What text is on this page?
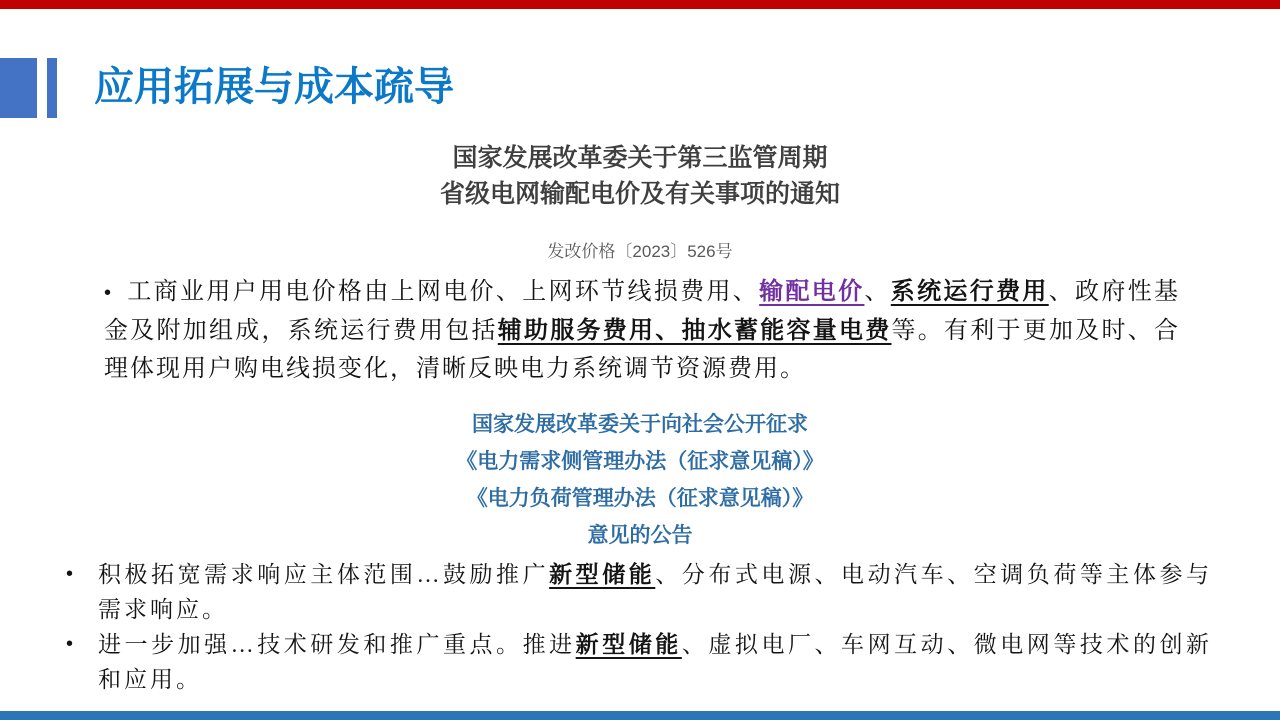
应用拓展与成本疏导
国家发展改革委关于第三监管周期
省级电网输配电价及有关事项的通知
发改价格〔2023〕526号
• 工商业用户用电价格由上网电价、上网环节线损费用、输配电价、系统运行费用、政府性基金及附加组成，系统运行费用包括辅助服务费用、抽水蓄能容量电费等。有利于更加及时、合理体现用户购电线损变化，清晰反映电力系统调节资源费用。
国家发展改革委关于向社会公开征求
《电力需求侧管理办法（征求意见稿）》
《电力负荷管理办法（征求意见稿）》
意见的公告
• 积极拓宽需求响应主体范围…鼓励推广新型储能、分布式电源、电动汽车、空调负荷等主体参与需求响应。
• 进一步加强…技术研发和推广重点。推进新型储能、虚拟电厂、车网互动、微电网等技术的创新和应用。
